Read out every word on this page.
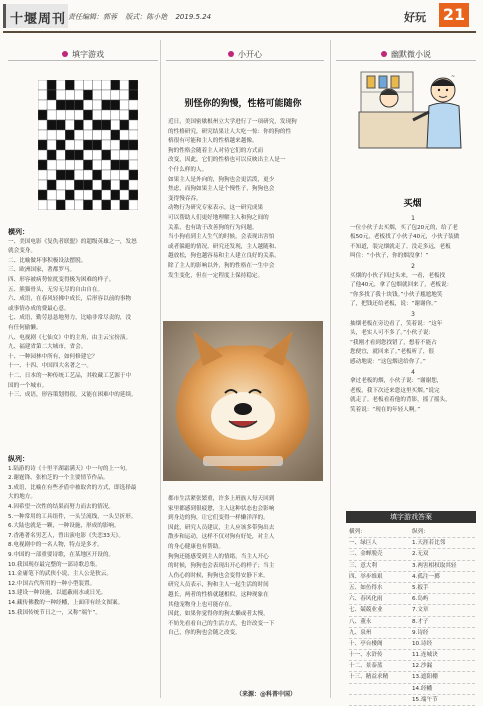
十堰周刊 责任编辑：郭蓉 版式：陈小艳 2019.5.24	好玩 21
填字游戏	小开心	幽默微小说
横列：
一、美国电影《复仇者联盟》的超级英雄之一，发怒
就会变身。
二、比喻做坏事积极设法摆脱。
三、欧洲国家，著都罗马。
四、形容被病势惊扰变得极为困难的样子。
五、熊猫骨头，无穷无尽的自由自在。
六、成语，在春风轻拂中成长，后形容以前的事物
或事情办成的费最心意。
七、成语，勤劳恳恳地努力，比喻非常尽责的，没
有任何偷懒。
八、电视剧《七仙女》中的主角，由主云宝扮演。
九、福建省第二大城市，省会。
十、一种园林中所有，如何修建它？
十一、十四、中国四大名著之一。
十二、日本的一种传统工艺品，其收藏工艺源于中
国的一个城市。
十三、成语，形容策划得很，又能在困难中的延续。
纵列：
1.陆游的诗《十里平湖霜满天》中一句的上一句。
2.谢霆锋、张柏芝的一个主要情节作品。
3.成语，比喻在有些矛盾中被取舍的方式，即选择最
大的地方。
4.因希望一次性的结果而努力而去的情况。
5.一种常用的工具组件，一头呈流线，一头呈折形。
6.大陆也就是一颗，一种设施，形成的影响。
7.香港著名男艺人，曾出演电影《失恋33天》。
8.电视剧中的一名人物，特点是多才。
9.中国的一部重要诗歌，在某地区开设的。
10.我国现存最完整的一部诗歌总集。
11.金庸笔下的武侠小说，主人公是狄云。
12.中国古代所用的一种小型装置。
13.建设一种设施，以遮蔽雨水或日光。
14.藏传佛教的一种经幡，上面印有经文图案。
15.我国传统节日之一，又称“端午”。
别怪你的狗慢，性格可能随你
近日，美国密歇根州立大学进行了一项研究，发现狗
的性格研究，研究结果让人大吃一惊：你的狗的性
格很有可能和主人的性格越来越像。
狗的性格会随着主人对待它们的方式而
改变，因此，它们的性格也可以反映出主人是一
个什么样的人。
如果主人是外向的，狗狗也会更活泼，更少
焦虑，而狗如果主人是个慢性子，狗狗也会
变得慢吞吞。
动物行为研究专家表示，这一研究成果
可以帮助人们更好地理解主人和狗之间的
关系，也有助于改善狗的行为问题。
当小狗看到主人生气的时候，会表现出害怕
或者躲避的情况。研究还发现，主人越随和、
越放松，狗也越容易和主人建立良好的关系。
除了主人的影响以外，狗的性格在一生中会
发生变化，但在一定程度上保持稳定。
都市生活紧张繁重，许多上班族人每天回到
家里都感到很疲惫，主人这种状态也会影响
到身边的狗，让它们变得一样懒洋洋的。
因此，研究人员建议，主人应该多带狗出去
散步和运动，这样不仅对狗有好处，对主人
的身心健康也有帮助。
狗狗还能感受到主人的情绪，当主人开心
的时候，狗狗也会表现出开心的样子；当主
人伤心的时候，狗狗也会变得安静下来。
研究人员表示，狗和主人一起生活的时间
越长，两者的性格就越相似，这种现象在
其他宠物身上也可能存在。
因此，如果你觉得你的狗太懒或者太慢，
不妨先看看自己的生活方式，也许改变一下
自己，你的狗也会随之改变。
（来源：@科普中国）
~
买烟
1
一位小伙子去买烟，买了包20元的，给了老
板50元，老板找了小伙子40元，小伙子装做
不知道，装完烟就走了。没走多远，老板
叫住：“小伙子，你的烟没拿！”
2
买烟的小伙子回过头来，一看，老板找
了他40元，拿了包烟就回来了，老板说：
“你多找了我十块钱。”小伙子尴尬地笑
了，把钱还给老板，说：“谢谢你。”
3
抽烟老板在旁边看了，笑着说：“这年
头，老实人可不多了。”小伙子说：
“我刚才看到您找错了，想着不能占
您便宜，就回来了。”老板听了，很
感动地说：“这包烟送给你了。”
4
拿过老板的烟，小伙子说：“谢谢您，
老板，我下次还来您这里买烟。”说完
就走了。老板看着他的背影，摇了摇头，
笑着说：“现在的年轻人啊。”
填字游戏答案
横列：	纵列：
一、绿巨人	1.天涯若比邻
二、金蝉脱壳	2.无双
三、意大利	3.两害相权取其轻
四、举步维艰	4.孤注一掷
五、如鱼得水	5.扳手
六、春风化雨	6.岛屿
七、兢兢业业	7.文章
八、董永	8.才子
九、泉州	9.诗经
十、亭台楼阁	10.诗经
十一、水浒传	11.连城诀
十二、景泰蓝	12.沙漏
十三、精益求精	13.遮阳棚
14.经幡
15.端午节
